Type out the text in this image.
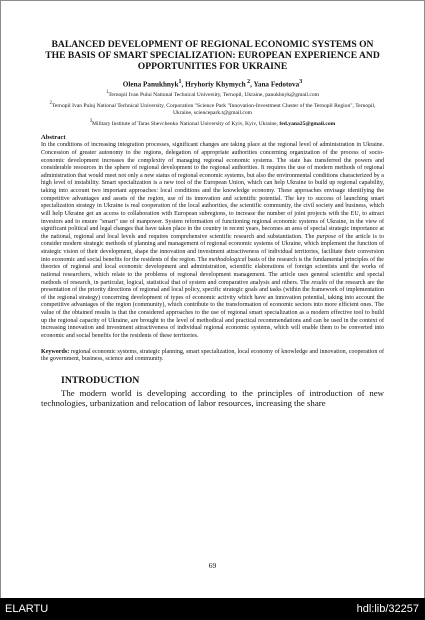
BALANCED DEVELOPMENT OF REGIONAL ECONOMIC SYSTEMS ON THE BASIS OF SMART SPECIALIZATION: EUROPEAN EXPERIENCE AND OPPORTUNITIES FOR UKRAINE
Olena Panukhnyk$^1$, Hryhoriy Khymych $^2$, Yana Fedotova$^3$
$^1$Ternopil Ivan Pului National Technical University, Ternopil, Ukraine, panukhnyk@gmail.com
$^2$Ternopil Ivan Puluj National Technical University, Corporation "Science Park "Innovation-Investment Cluster of the Ternopil Region", Ternopil, Ukraine, sciencepark.t@gmail.com
$^3$Military Institute of Taras Shevchenko National University of Kyiv, Kyiv, Ukraine, fed.yana25@gmail.com
Abstract

In the conditions of increasing integration processes, significant changes are taking place at the regional level of administration in Ukraine. Concession of greater autonomy to the regions, delegation of appropriate authorities concerning organization of the process of socio-economic development increases the complexity of managing regional economic systems. The state has transferred the powers and considerable resources in the sphere of regional development to the regional authorities. It requires the use of modern methods of regional administration that would meet not only a new status of regional economic systems, but also the environmental conditions characterized by a high level of instability. Smart specialization is a new tool of the European Union, which can help Ukraine to build up regional capability, taking into account two important approaches: local conditions and the knowledge economy. These approaches envisage identifying the competitive advantages and assets of the region, use of its innovation and scientific potential. The key to success of launching smart specialization strategy in Ukraine is real cooperation of the local authorities, the scientific community, the civil society and business, which will help Ukraine get an access to collaboration with European subregions, to increase the number of joint projects with the EU, to attract investors and to ensure "smart" use of manpower. System reformation of functioning regional economic systems of Ukraine, in the view of significant political and legal changes that have taken place in the country in recent years, becomes an area of special strategic importance at the national, regional and local levels and requires comprehensive scientific research and substantiation. The purpose of the article is to consider modern strategic methods of planning and management of regional economic systems of Ukraine, which implement the function of strategic vision of their development, shape the innovation and investment attractiveness of individual territories, facilitate their conversion into economic and social benefits for the residents of the region. The methodological basis of the research is the fundamental principles of the theories of regional and local economic development and administration, scientific elaborations of foreign scientists and the works of national researchers, which relate to the problems of regional development management. The article uses general scientific and special methods of research, in particular, logical, statistical that of system and comparative analysis and others. The results of the research are the presentation of the priority directions of regional and local policy, specific strategic goals and tasks (within the framework of implementation of the regional strategy) concerning development of types of economic activity which have an innovation potential, taking into account the competitive advantages of the region (community), which contribute to the transformation of economic sectors into more efficient ones. The value of the obtained results is that the considered approaches to the use of regional smart specialization as a modern effective tool to build up the regional capacity of Ukraine, are brought to the level of methodical and practical recommendations and can be used in the context of increasing innovation and investment attractiveness of individual regional economic systems, which will enable them to be converted into economic and social benefits for the residents of these territories.

Keywords: regional economic systems, strategic planning, smart specialization, local economy of knowledge and innovation, cooperation of the government, business, science and community.
INTRODUCTION

The modern world is developing according to the principles of introduction of new technologies, urbanization and relocation of labor resources, increasing the share

69
ELARTU	hdl:lib/32257
